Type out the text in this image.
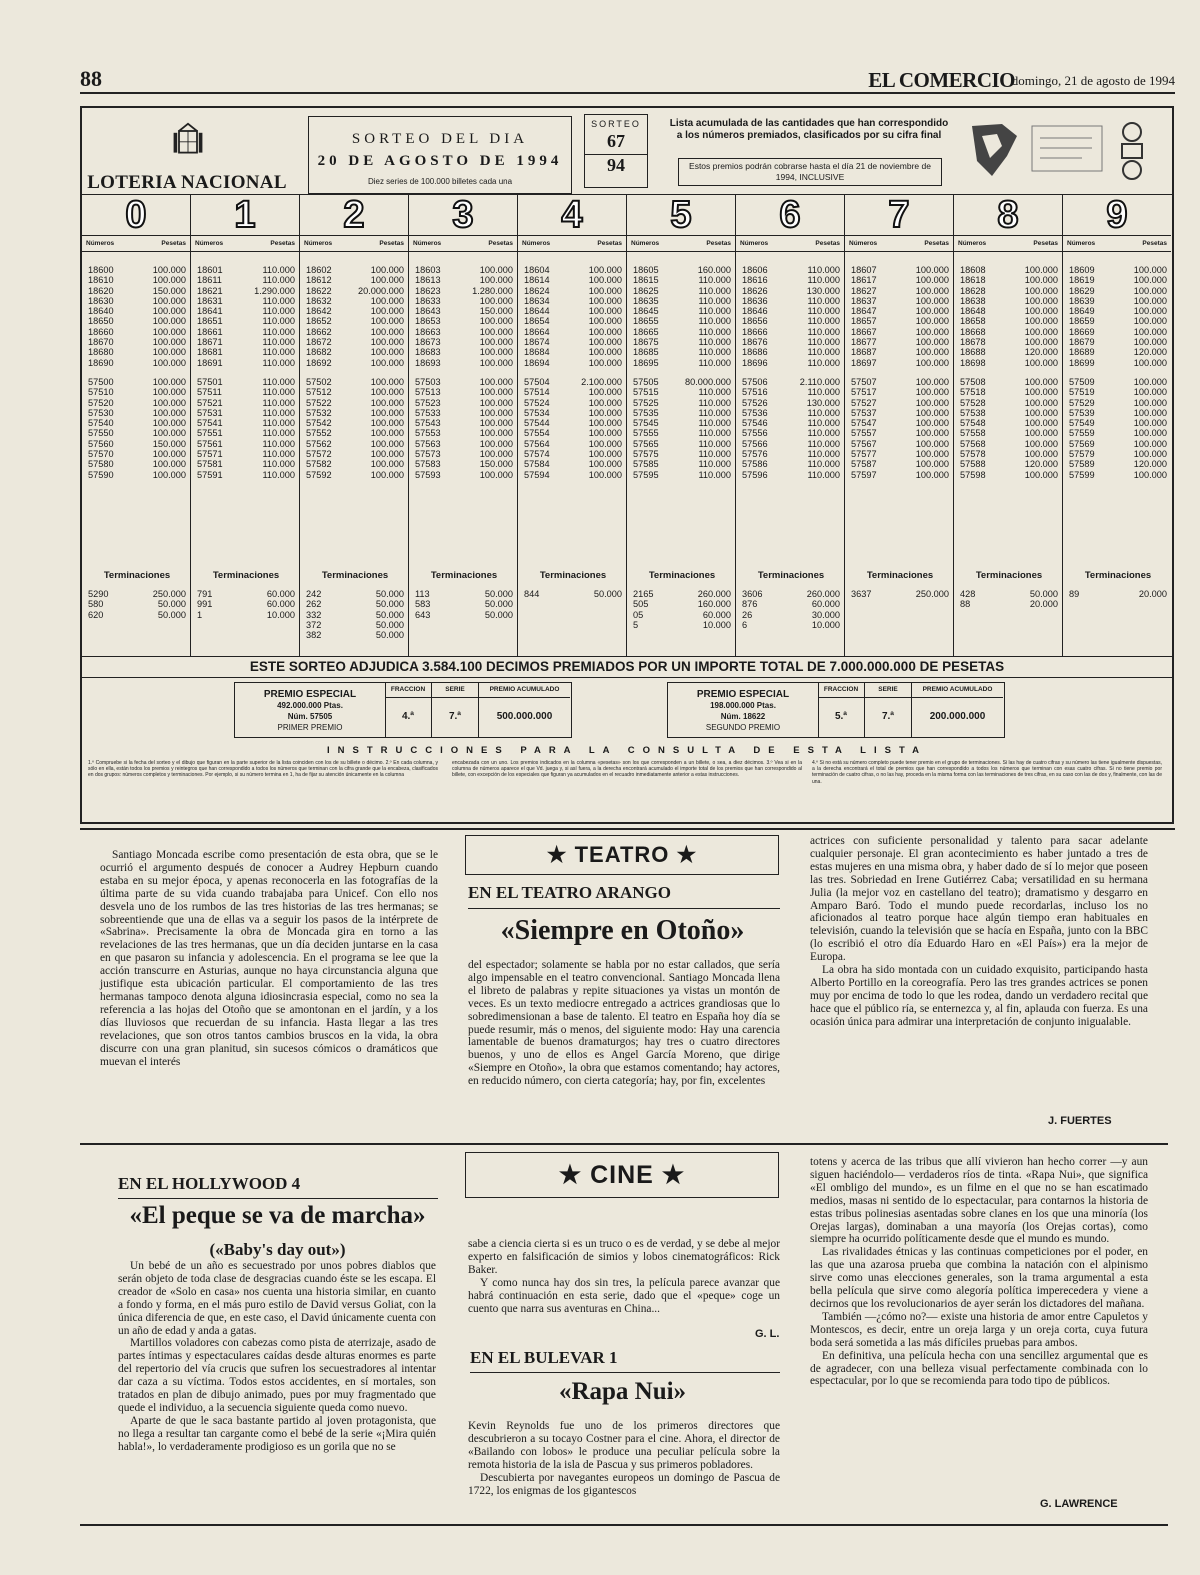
88	EL COMERCIO
domingo, 21 de agosto de 1994
LOTERIA NACIONAL
SORTEO DEL DIA
20 DE AGOSTO DE 1994
Diez series de 100.000 billetes cada una
SORTEO
67
94
Lista acumulada de las cantidades que han correspondido a los números premiados, clasificados por su cifra final
Estos premios podrán cobrarse hasta el día 21 de noviembre de 1994, INCLUSIVE
0
Números	Pesetas
18600	100.000
18610	100.000
18620	150.000
18630	100.000
18640	100.000
18650	100.000
18660	100.000
18670	100.000
18680	100.000
18690	100.000
57500	100.000
57510	100.000
57520	100.000
57530	100.000
57540	100.000
57550	100.000
57560	150.000
57570	100.000
57580	100.000
57590	100.000
Terminaciones
5290	250.000
580	50.000
620	50.000
1
Números	Pesetas
18601	110.000
18611	110.000
18621	1.290.000
18631	110.000
18641	110.000
18651	110.000
18661	110.000
18671	110.000
18681	110.000
18691	110.000
57501	110.000
57511	110.000
57521	110.000
57531	110.000
57541	110.000
57551	110.000
57561	110.000
57571	110.000
57581	110.000
57591	110.000
Terminaciones
791	60.000
991	60.000
1	10.000
2
Números	Pesetas
18602	100.000
18612	100.000
18622	20.000.000
18632	100.000
18642	100.000
18652	100.000
18662	100.000
18672	100.000
18682	100.000
18692	100.000
57502	100.000
57512	100.000
57522	100.000
57532	100.000
57542	100.000
57552	100.000
57562	100.000
57572	100.000
57582	100.000
57592	100.000
Terminaciones
242	50.000
262	50.000
332	50.000
372	50.000
382	50.000
3
Números	Pesetas
18603	100.000
18613	100.000
18623	1.280.000
18633	100.000
18643	150.000
18653	100.000
18663	100.000
18673	100.000
18683	100.000
18693	100.000
57503	100.000
57513	100.000
57523	100.000
57533	100.000
57543	100.000
57553	100.000
57563	100.000
57573	100.000
57583	150.000
57593	100.000
Terminaciones
113	50.000
583	50.000
643	50.000
4
Números	Pesetas
18604	100.000
18614	100.000
18624	100.000
18634	100.000
18644	100.000
18654	100.000
18664	100.000
18674	100.000
18684	100.000
18694	100.000
57504	2.100.000
57514	100.000
57524	100.000
57534	100.000
57544	100.000
57554	100.000
57564	100.000
57574	100.000
57584	100.000
57594	100.000
Terminaciones
844	50.000
5
Números	Pesetas
18605	160.000
18615	110.000
18625	110.000
18635	110.000
18645	110.000
18655	110.000
18665	110.000
18675	110.000
18685	110.000
18695	110.000
57505	80.000.000
57515	110.000
57525	110.000
57535	110.000
57545	110.000
57555	110.000
57565	110.000
57575	110.000
57585	110.000
57595	110.000
Terminaciones
2165	260.000
505	160.000
05	60.000
5	10.000
6
Números	Pesetas
18606	110.000
18616	110.000
18626	130.000
18636	110.000
18646	110.000
18656	110.000
18666	110.000
18676	110.000
18686	110.000
18696	110.000
57506	2.110.000
57516	110.000
57526	130.000
57536	110.000
57546	110.000
57556	110.000
57566	110.000
57576	110.000
57586	110.000
57596	110.000
Terminaciones
3606	260.000
876	60.000
26	30.000
6	10.000
7
Números	Pesetas
18607	100.000
18617	100.000
18627	100.000
18637	100.000
18647	100.000
18657	100.000
18667	100.000
18677	100.000
18687	100.000
18697	100.000
57507	100.000
57517	100.000
57527	100.000
57537	100.000
57547	100.000
57557	100.000
57567	100.000
57577	100.000
57587	100.000
57597	100.000
Terminaciones
3637	250.000
8
Números	Pesetas
18608	100.000
18618	100.000
18628	100.000
18638	100.000
18648	100.000
18658	100.000
18668	100.000
18678	100.000
18688	120.000
18698	100.000
57508	100.000
57518	100.000
57528	100.000
57538	100.000
57548	100.000
57558	100.000
57568	100.000
57578	100.000
57588	120.000
57598	100.000
Terminaciones
428	50.000
88	20.000
9
Números	Pesetas
18609	100.000
18619	100.000
18629	100.000
18639	100.000
18649	100.000
18659	100.000
18669	100.000
18679	100.000
18689	120.000
18699	100.000
57509	100.000
57519	100.000
57529	100.000
57539	100.000
57549	100.000
57559	100.000
57569	100.000
57579	100.000
57589	120.000
57599	100.000
Terminaciones
89	20.000
ESTE SORTEO ADJUDICA 3.584.100 DECIMOS PREMIADOS POR UN IMPORTE TOTAL DE 7.000.000.000 DE PESETAS
PREMIO ESPECIAL
492.000.000 Ptas.
Núm. 57505
PRIMER PREMIO
FRACCION
4.ª
SERIE
7.ª
PREMIO ACUMULADO
500.000.000
PREMIO ESPECIAL
198.000.000 Ptas.
Núm. 18622
SEGUNDO PREMIO
FRACCION
5.ª
SERIE
7.ª
PREMIO ACUMULADO
200.000.000
INSTRUCCIONES PARA LA CONSULTA DE ESTA LISTA
1.º Compruebe si la fecha del sorteo y el dibujo que figuran en la parte superior de la lista coinciden con los de su billete o décimo. 2.º En cada columna, y sólo en ella, están todos los premios y reintegros que han correspondido a todos los números que terminan con la cifra grande que la encabeza, clasificados en dos grupos: números completos y terminaciones. Por ejemplo, si su número termina en 1, ha de fijar su atención únicamente en la columna
encabezada con un uno. Los premios indicados en la columna «pesetas» son los que corresponden a un billete, o sea, a diez décimos. 3.º Vea si en la columna de números aparece el que Vd. juega y, si así fuera, a la derecha encontrará acumulado el importe total de los premios que han correspondido al billete, con excepción de los especiales que figuran ya acumulados en el recuadro inmediatamente anterior a estas instrucciones.
4.º Si no está su número completo puede tener premio en el grupo de terminaciones. Si las hay de cuatro cifras y su número las tiene igualmente dispuestas, a la derecha encontrará el total de premios que han correspondido a todos los números que terminan con esas cuatro cifras. Si no tiene premio por terminación de cuatro cifras, o no las hay, proceda en la misma forma con las terminaciones de tres cifras, en su caso con las de dos y, finalmente, con las de una.

Santiago Moncada escribe como presentación de esta obra, que se le ocurrió el argumento después de conocer a Audrey Hepburn cuando estaba en su mejor época, y apenas reconocerla en las fotografías de la última parte de su vida cuando trabajaba para Unicef. Con ello nos desvela uno de los rumbos de las tres historias de las tres hermanas; se sobreentiende que una de ellas va a seguir los pasos de la intérprete de «Sabrina». Precisamente la obra de Moncada gira en torno a las revelaciones de las tres hermanas, que un día deciden juntarse en la casa en que pasaron su infancia y adolescencia. En el programa se lee que la acción transcurre en Asturias, aunque no haya circunstancia alguna que justifique esta ubicación particular. El comportamiento de las tres hermanas tampoco denota alguna idiosincrasia especial, como no sea la referencia a las hojas del Otoño que se amontonan en el jardín, y a los días lluviosos que recuerdan de su infancia. Hasta llegar a las tres revelaciones, que son otros tantos cambios bruscos en la vida, la obra discurre con una gran planitud, sin sucesos cómicos o dramáticos que muevan el interés

★ TEATRO ★
EN EL TEATRO ARANGO
«Siempre en Otoño»

del espectador; solamente se habla por no estar callados, que sería algo impensable en el teatro convencional. Santiago Moncada llena el libreto de palabras y repite situaciones ya vistas un montón de veces. Es un texto mediocre entregado a actrices grandiosas que lo sobredimensionan a base de talento. El teatro en España hoy día se puede resumir, más o menos, del siguiente modo: Hay una carencia lamentable de buenos dramaturgos; hay tres o cuatro directores buenos, y uno de ellos es Angel García Moreno, que dirige «Siempre en Otoño», la obra que estamos comentando; hay actores, en reducido número, con cierta categoría; hay, por fin, excelentes

actrices con suficiente personalidad y talento para sacar adelante cualquier personaje. El gran acontecimiento es haber juntado a tres de estas mujeres en una misma obra, y haber dado de sí lo mejor que poseen las tres. Sobriedad en Irene Gutiérrez Caba; versatilidad en su hermana Julia (la mejor voz en castellano del teatro); dramatismo y desgarro en Amparo Baró. Todo el mundo puede recordarlas, incluso los no aficionados al teatro porque hace algún tiempo eran habituales en televisión, cuando la televisión que se hacía en España, junto con la BBC (lo escribió el otro día Eduardo Haro en «El País») era la mejor de Europa.

La obra ha sido montada con un cuidado exquisito, participando hasta Alberto Portillo en la coreografía. Pero las tres grandes actrices se ponen muy por encima de todo lo que les rodea, dando un verdadero recital que hace que el público ría, se enternezca y, al fin, aplauda con fuerza. Es una ocasión única para admirar una interpretación de conjunto inigualable.

J. FUERTES
EN EL HOLLYWOOD 4
«El peque se va de marcha»
(«Baby's day out»)

Un bebé de un año es secuestrado por unos pobres diablos que serán objeto de toda clase de desgracias cuando éste se les escapa. El creador de «Solo en casa» nos cuenta una historia similar, en cuanto a fondo y forma, en el más puro estilo de David versus Goliat, con la única diferencia de que, en este caso, el David únicamente cuenta con un año de edad y anda a gatas.

Martillos voladores con cabezas como pista de aterrizaje, asado de partes íntimas y espectaculares caídas desde alturas enormes es parte del repertorio del vía crucis que sufren los secuestradores al intentar dar caza a su víctima. Todos estos accidentes, en sí mortales, son tratados en plan de dibujo animado, pues por muy fragmentado que quede el individuo, a la secuencia siguiente queda como nuevo.

Aparte de que le saca bastante partido al joven protagonista, que no llega a resultar tan cargante como el bebé de la serie «¡Mira quién habla!», lo verdaderamente prodigioso es un gorila que no se

★ CINE ★

sabe a ciencia cierta si es un truco o es de verdad, y se debe al mejor experto en falsificación de simios y lobos cinematográficos: Rick Baker.

Y como nunca hay dos sin tres, la película parece avanzar que habrá continuación en esta serie, dado que el «peque» coge un cuento que narra sus aventuras en China...

G. L.
EN EL BULEVAR 1
«Rapa Nui»

Kevin Reynolds fue uno de los primeros directores que descubrieron a su tocayo Costner para el cine. Ahora, el director de «Bailando con lobos» le produce una peculiar película sobre la remota historia de la isla de Pascua y sus primeros pobladores.

Descubierta por navegantes europeos un domingo de Pascua de 1722, los enigmas de los gigantescos

totens y acerca de las tribus que allí vivieron han hecho correr —y aun siguen haciéndolo— verdaderos ríos de tinta. «Rapa Nui», que significa «El ombligo del mundo», es un filme en el que no se han escatimado medios, masas ni sentido de lo espectacular, para contarnos la historia de estas tribus polinesias asentadas sobre clanes en los que una minoría (los Orejas largas), dominaban a una mayoría (los Orejas cortas), como siempre ha ocurrido políticamente desde que el mundo es mundo.

Las rivalidades étnicas y las continuas competiciones por el poder, en las que una azarosa prueba que combina la natación con el alpinismo sirve como unas elecciones generales, son la trama argumental a esta bella película que sirve como alegoría política imperecedera y viene a decirnos que los revolucionarios de ayer serán los dictadores del mañana.

También —¿cómo no?— existe una historia de amor entre Capuletos y Montescos, es decir, entre un oreja larga y un oreja corta, cuya futura boda será sometida a las más difíciles pruebas para ambos.

En definitiva, una película hecha con una sencillez argumental que es de agradecer, con una belleza visual perfectamente combinada con lo espectacular, por lo que se recomienda para todo tipo de públicos.

G. LAWRENCE
